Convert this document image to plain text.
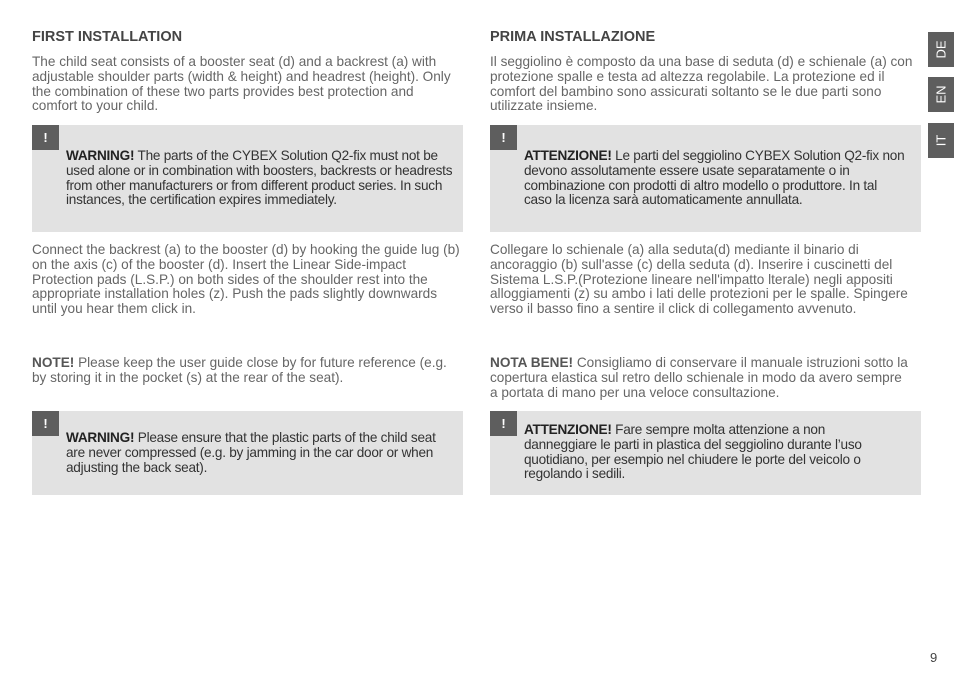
FIRST INSTALLATION

The child seat consists of a booster seat (d) and a backrest (a) with adjustable shoulder parts (width & height) and headrest (height). Only the combination of these two parts provides best protection and comfort to your child.

!
WARNING! The parts of the CYBEX Solution Q2-fix must not be used alone or in combination with boosters, backrests or headrests from other manufacturers or from different product series. In such instances, the certification expires immediately.

Connect the backrest (a) to the booster (d) by hooking the guide lug (b) on the axis (c) of the booster (d). Insert the Linear Side-impact Protection pads (L.S.P.) on both sides of the shoulder rest into the appropriate installation holes (z). Push the pads slightly downwards until you hear them click in.

NOTE! Please keep the user guide close by for future reference (e.g. by storing it in the pocket (s) at the rear of the seat).

!
WARNING! Please ensure that the plastic parts of the child seat are never compressed (e.g. by jamming in the car door or when adjusting the back seat).
PRIMA INSTALLAZIONE

Il seggiolino è composto da una base di seduta (d) e schienale (a) con protezione spalle e testa ad altezza regolabile. La protezione ed il comfort del bambino sono assicurati soltanto se le due parti sono utilizzate insieme.

!
ATTENZIONE! Le parti del seggiolino CYBEX Solution Q2-fix non devono assolutamente essere usate separatamente o in combinazione con prodotti di altro modello o produttore. In tal caso la licenza sarà automaticamente annullata.

Collegare lo schienale (a) alla seduta(d) mediante il binario di ancoraggio (b) sull'asse (c) della seduta (d). Inserire i cuscinetti del Sistema L.S.P.(Protezione lineare nell'impatto lterale) negli appositi alloggiamenti (z) su ambo i lati delle protezioni per le spalle. Spingere verso il basso fino a sentire il click di collegamento avvenuto.

NOTA BENE! Consigliamo di conservare il manuale istruzioni sotto la copertura elastica sul retro dello schienale in modo da avero sempre a portata di mano per una veloce consultazione.

!	ATTENZIONE! Fare sempre molta attenzione a non danneggiare le parti in plastica del seggiolino durante l’uso quotidiano, per esempio nel chiudere le porte del veicolo o regolando i sedili.
DE
EN
IT
9
